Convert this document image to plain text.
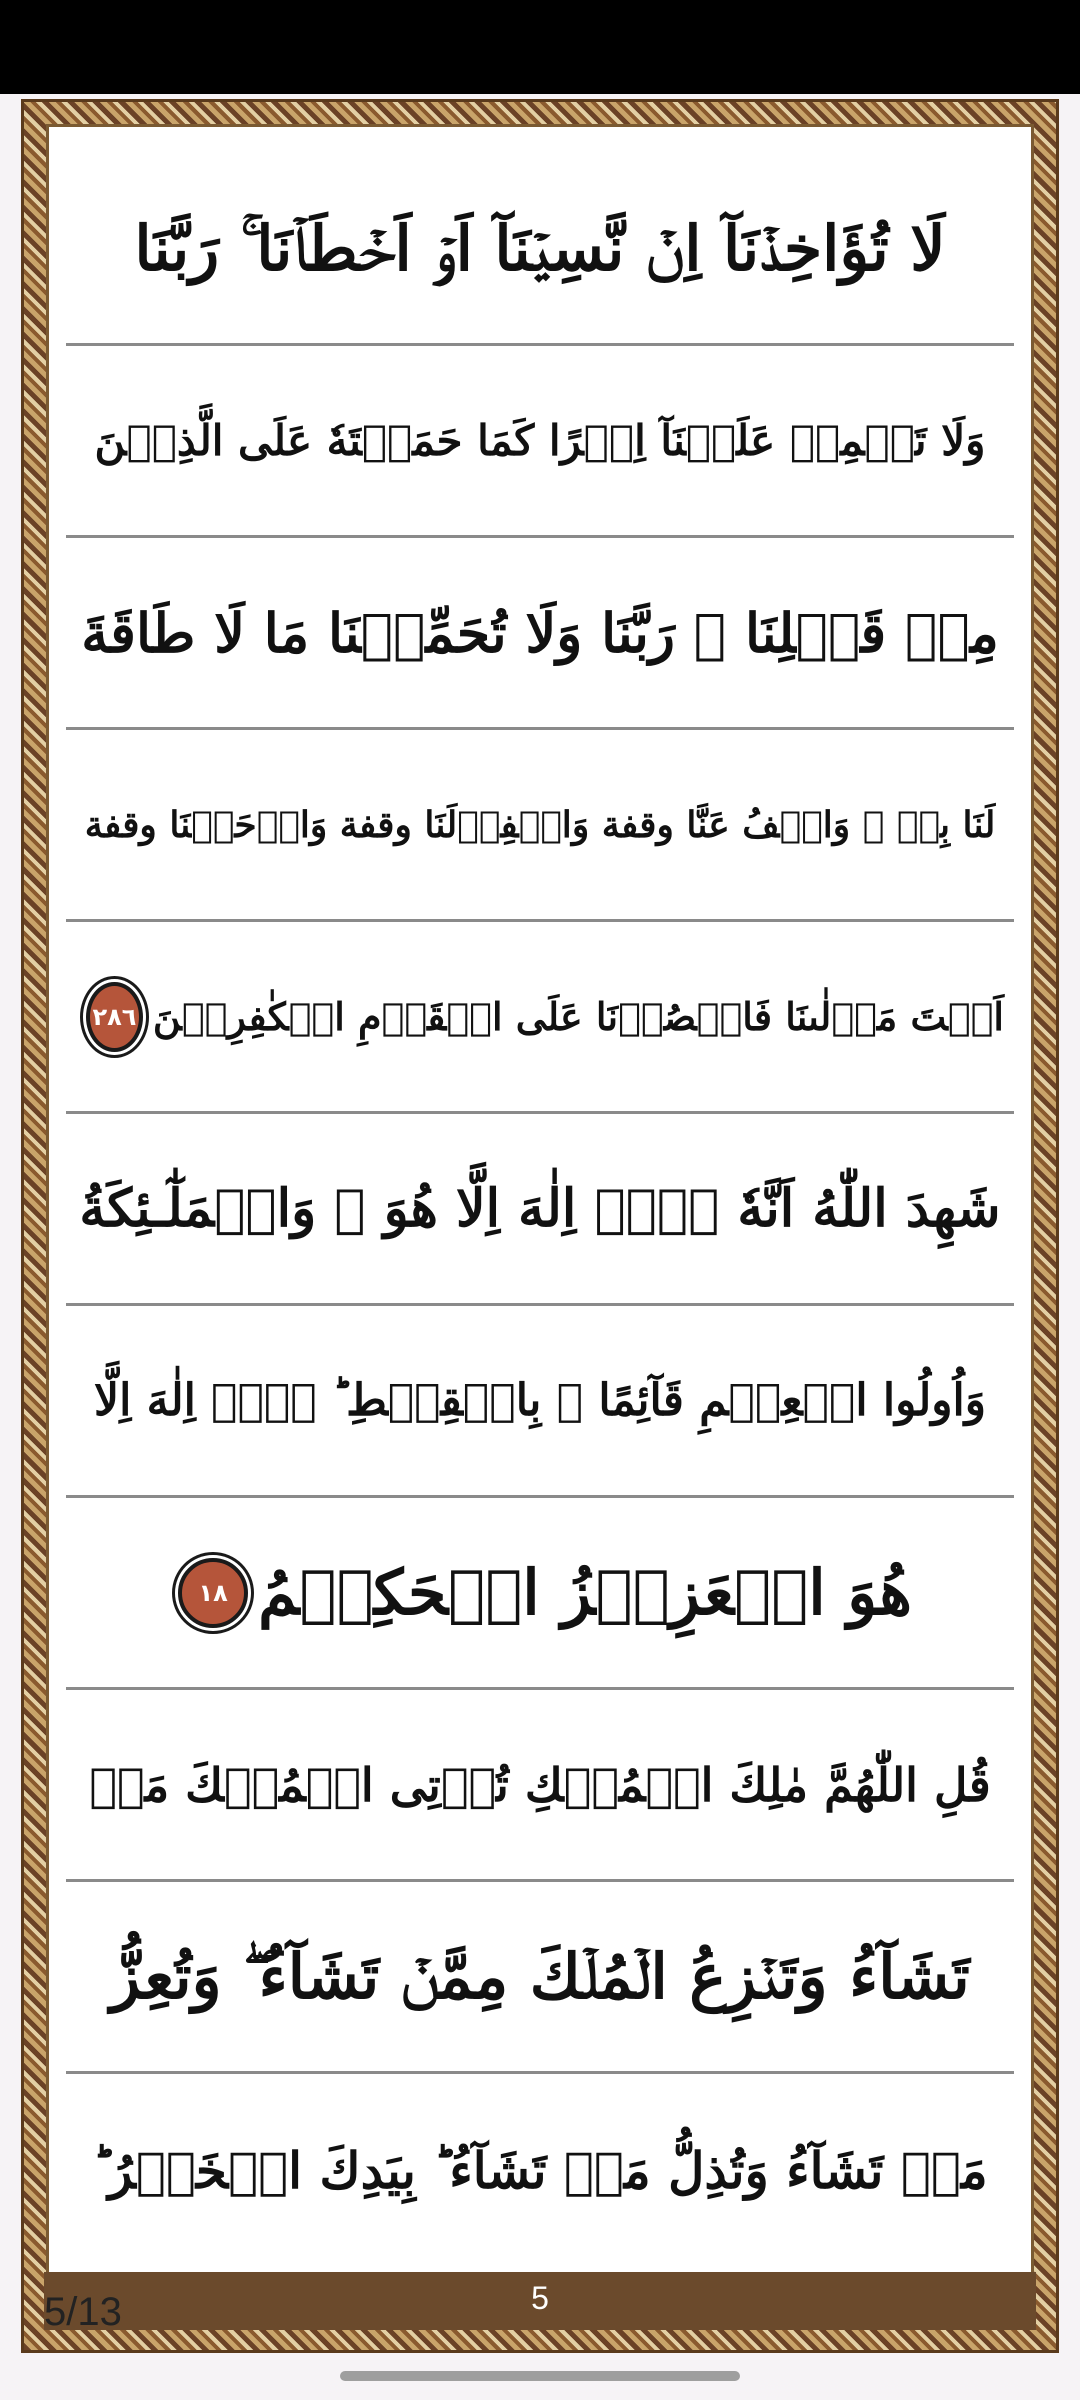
لَا تُؤَاخِذۡنَآ اِنۡ نَّسِيۡنَآ اَوۡ اَخۡطَاۡنَا ۚ رَبَّنَا
وَلَا تَحۡمِلۡ عَلَيۡنَآ اِصۡرًا كَمَا حَمَلۡتَهٗ عَلَى الَّذِيۡنَ
مِنۡ قَبۡلِنَا ۚ رَبَّنَا وَلَا تُحَمِّلۡنَا مَا لَا طَاقَةَ
لَنَا بِهٖ ۚ وَاعۡفُ عَنَّا وقفة وَاغۡفِرۡلَنَا وقفة وَارۡحَمۡنَا وقفة
اَنۡتَ مَوۡلٰٮنَا فَانۡصُرۡنَا عَلَى الۡقَوۡمِ الۡكٰفِرِيۡنَ
٢٨٦
شَهِدَ اللّٰهُ اَنَّهٗ لَاۤ اِلٰهَ اِلَّا هُوَ ۙ وَالۡمَلٰٓـئِكَةُ
وَاُولُوا الۡعِلۡمِ قَآئِمًا ۢ بِالۡقِسۡطِ ؕ لَاۤ اِلٰهَ اِلَّا
هُوَ الۡعَزِيۡزُ الۡحَكِيۡمُ
١٨
قُلِ اللّٰهُمَّ مٰلِكَ الۡمُلۡكِ تُؤۡتِى الۡمُلۡكَ مَنۡ
تَشَآءُ وَتَنۡزِعُ الۡمُلۡكَ مِمَّنۡ تَشَآءُ ۖ وَتُعِزُّ
مَنۡ تَشَآءُ وَتُذِلُّ مَنۡ تَشَآءُ ؕ بِيَدِكَ الۡخَيۡرُ ؕ
5
5/13
